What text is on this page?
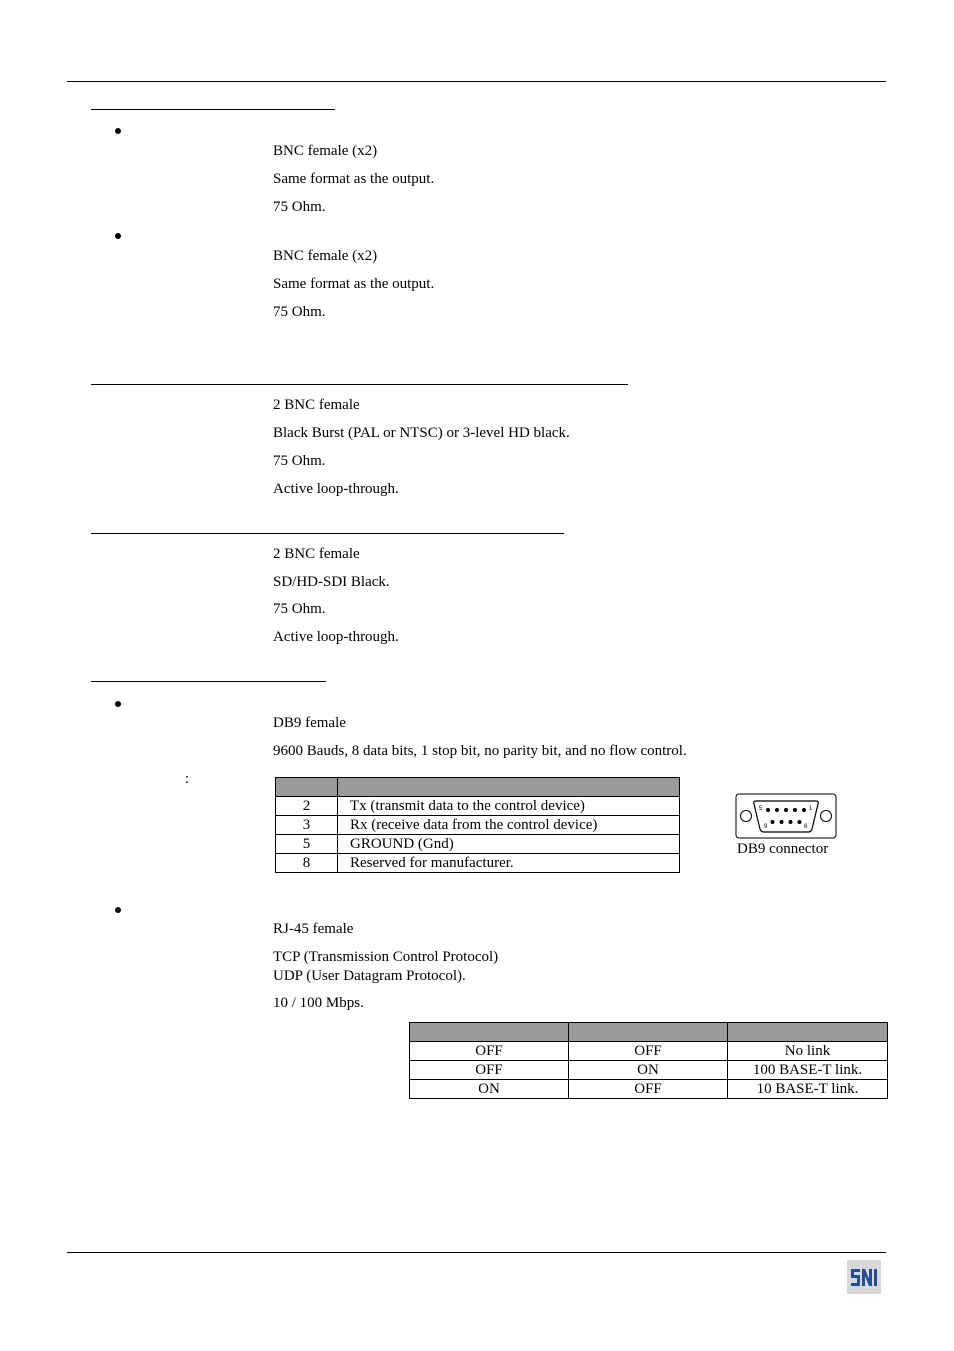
BNC female (x2)
Same format as the output.
75 Ohm.
BNC female (x2)
Same format as the output.
75 Ohm.
2 BNC female
Black Burst (PAL or NTSC) or 3-level HD black.
75 Ohm.
Active loop-through.
2 BNC female
SD/HD-SDI Black.
75 Ohm.
Active loop-through.
DB9 female
9600 Bauds, 8 data bits, 1 stop bit, no parity bit, and no flow control.
:

2	Tx (transmit data to the control device)
3	Rx (receive data from the control device)
5	GROUND (Gnd)
8	Reserved for manufacturer.
5	1
9	6
DB9 connector
RJ-45 female
TCP (Transmission Control Protocol)
UDP (User Datagram Protocol).
10 / 100 Mbps.

OFF	OFF	No link
OFF	ON	100 BASE-T link.
ON	OFF	10 BASE-T link.
